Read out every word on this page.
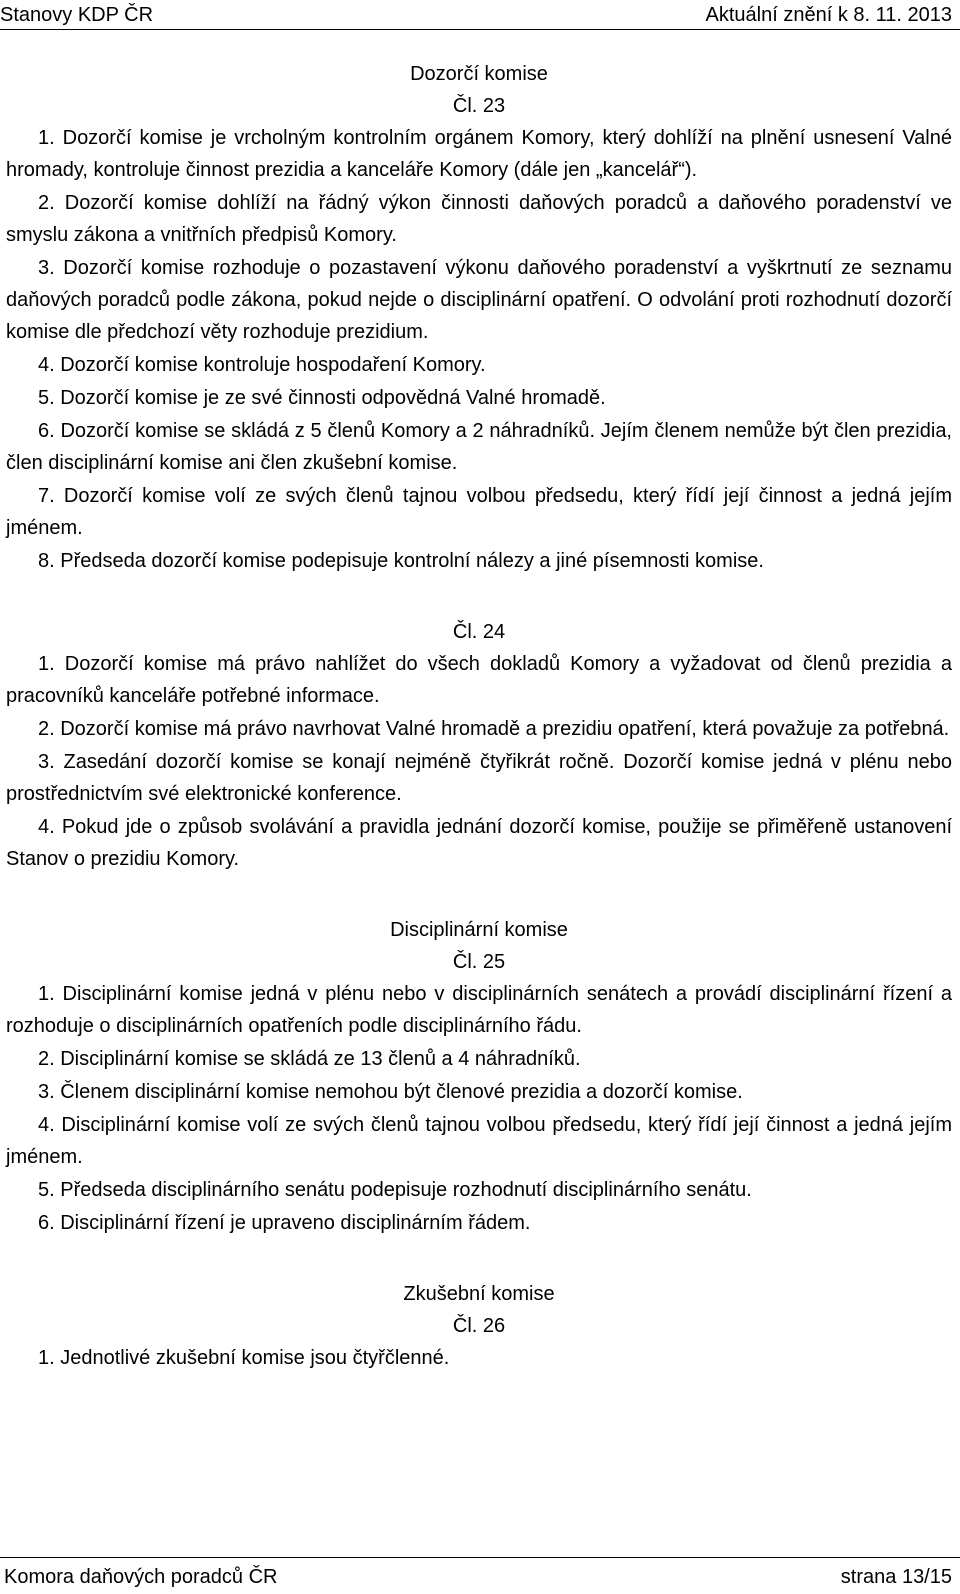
Stanovy KDP ČR	Aktuální znění k 8. 11. 2013
Dozorčí komise
Čl. 23

1. Dozorčí komise je vrcholným kontrolním orgánem Komory, který dohlíží na plnění usnesení Valné hromady, kontroluje činnost prezidia a kanceláře Komory (dále jen „kancelář“).

2. Dozorčí komise dohlíží na řádný výkon činnosti daňových poradců a daňového poradenství ve smyslu zákona a vnitřních předpisů Komory.

3. Dozorčí komise rozhoduje o pozastavení výkonu daňového poradenství a vyškrtnutí ze seznamu daňových poradců podle zákona, pokud nejde o disciplinární opatření. O odvolání proti rozhodnutí dozorčí komise dle předchozí věty rozhoduje prezidium.

4. Dozorčí komise kontroluje hospodaření Komory.

5. Dozorčí komise je ze své činnosti odpovědná Valné hromadě.

6. Dozorčí komise se skládá z 5 členů Komory a 2 náhradníků. Jejím členem nemůže být člen prezidia, člen disciplinární komise ani člen zkušební komise.

7. Dozorčí komise volí ze svých členů tajnou volbou předsedu, který řídí její činnost a jedná jejím jménem.

8. Předseda dozorčí komise podepisuje kontrolní nálezy a jiné písemnosti komise.

Čl. 24

1. Dozorčí komise má právo nahlížet do všech dokladů Komory a vyžadovat od členů prezidia a pracovníků kanceláře potřebné informace.

2. Dozorčí komise má právo navrhovat Valné hromadě a prezidiu opatření, která považuje za potřebná.

3. Zasedání dozorčí komise se konají nejméně čtyřikrát ročně. Dozorčí komise jedná v plénu nebo prostřednictvím své elektronické konference.

4. Pokud jde o způsob svolávání a pravidla jednání dozorčí komise, použije se přiměřeně ustanovení Stanov o prezidiu Komory.

Disciplinární komise
Čl. 25

1. Disciplinární komise jedná v plénu nebo v disciplinárních senátech a provádí disciplinární řízení a rozhoduje o disciplinárních opatřeních podle disciplinárního řádu.

2. Disciplinární komise se skládá ze 13 členů a 4 náhradníků.

3. Členem disciplinární komise nemohou být členové prezidia a dozorčí komise.

4. Disciplinární komise volí ze svých členů tajnou volbou předsedu, který řídí její činnost a jedná jejím jménem.

5. Předseda disciplinárního senátu podepisuje rozhodnutí disciplinárního senátu.

6. Disciplinární řízení je upraveno disciplinárním řádem.

Zkušební komise
Čl. 26

1. Jednotlivé zkušební komise jsou čtyřčlenné.

Komora daňových poradců ČR	strana 13/15
